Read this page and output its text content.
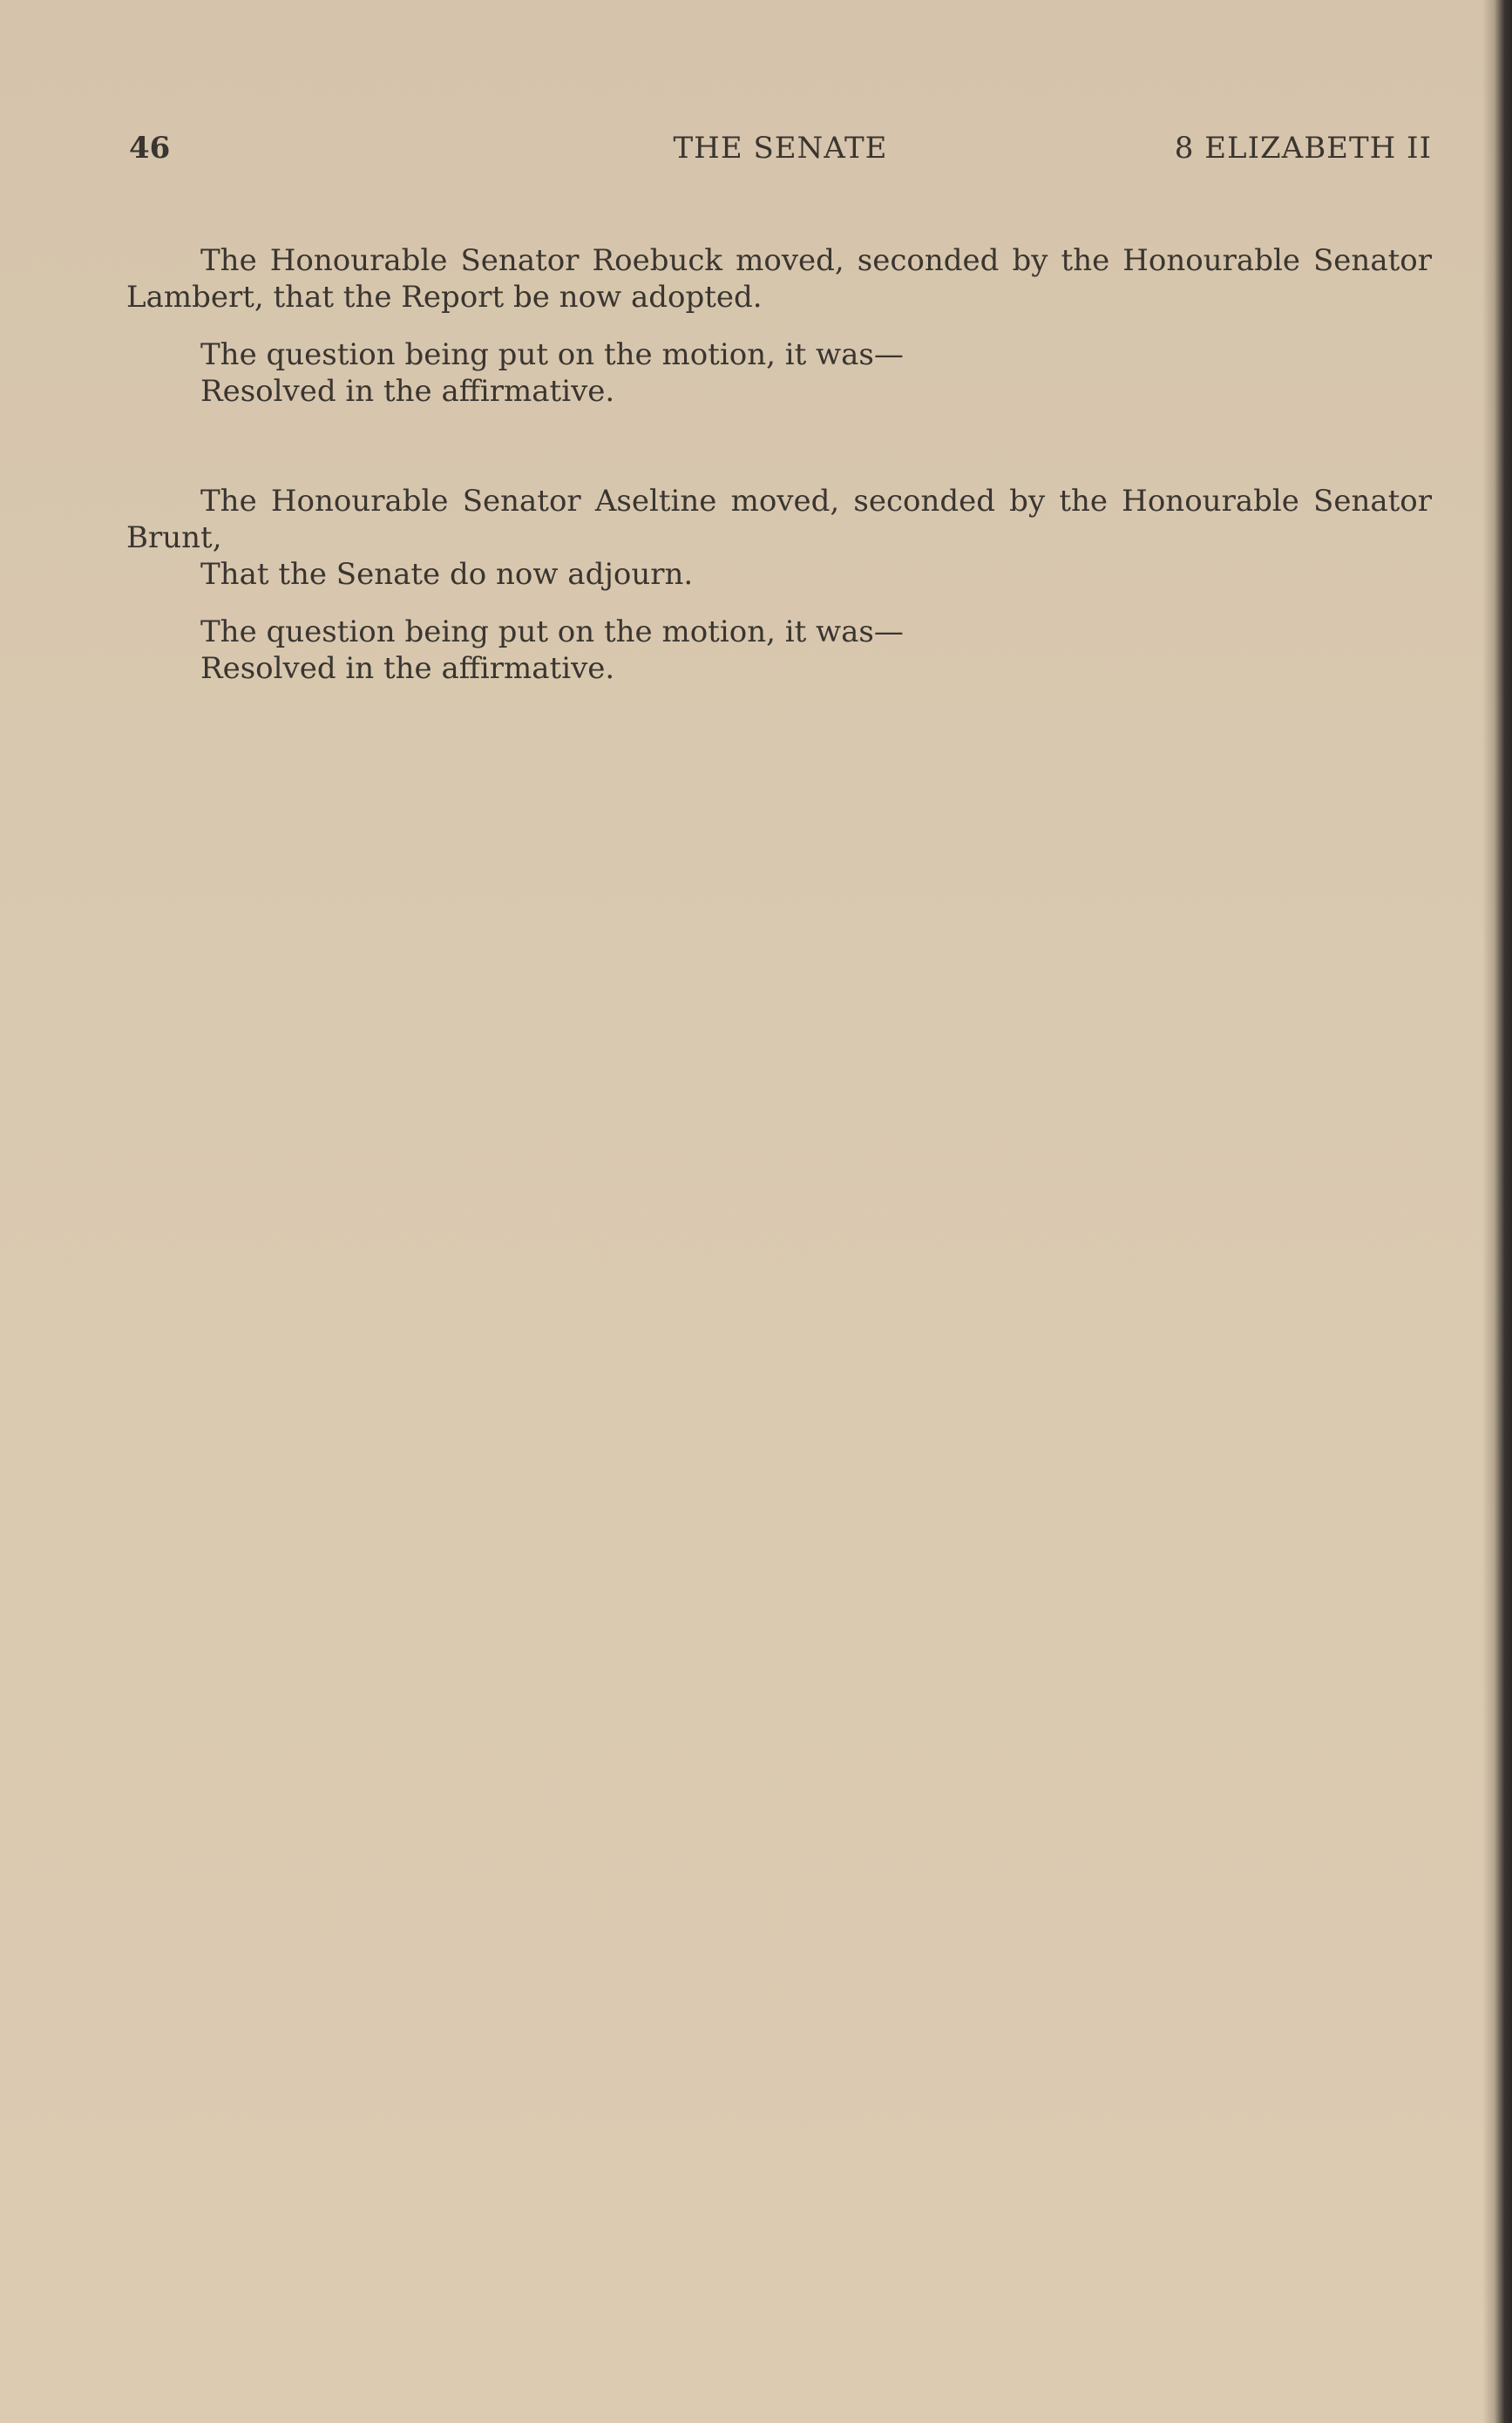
46	THE SENATE	8 ELIZABETH II

The Honourable Senator Roebuck moved, seconded by the Honourable Senator Lambert, that the Report be now adopted.

The question being put on the motion, it was—

Resolved in the affirmative.

The Honourable Senator Aseltine moved, seconded by the Honourable Senator Brunt,

That the Senate do now adjourn.

The question being put on the motion, it was—

Resolved in the affirmative.
